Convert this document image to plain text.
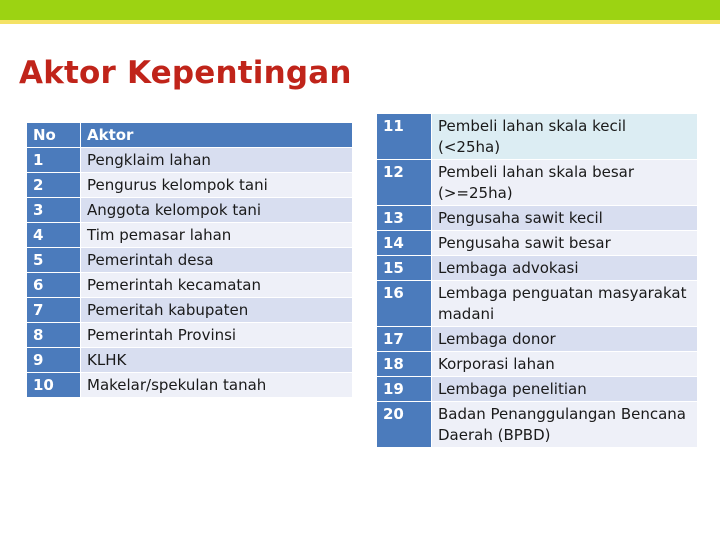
Aktor Kepentingan
No	Aktor
1	Pengklaim lahan
2	Pengurus kelompok tani
3	Anggota kelompok tani
4	Tim pemasar lahan
5	Pemerintah desa
6	Pemerintah kecamatan
7	Pemeritah kabupaten
8	Pemerintah Provinsi
9	KLHK
10	Makelar/spekulan tanah
11	Pembeli lahan skala kecil (<25ha)
12	Pembeli lahan skala besar (>=25ha)
13	Pengusaha sawit kecil
14	Pengusaha sawit besar
15	Lembaga advokasi
16	Lembaga penguatan masyarakat madani
17	Lembaga donor
18	Korporasi lahan
19	Lembaga penelitian
20	Badan Penanggulangan Bencana Daerah (BPBD)
